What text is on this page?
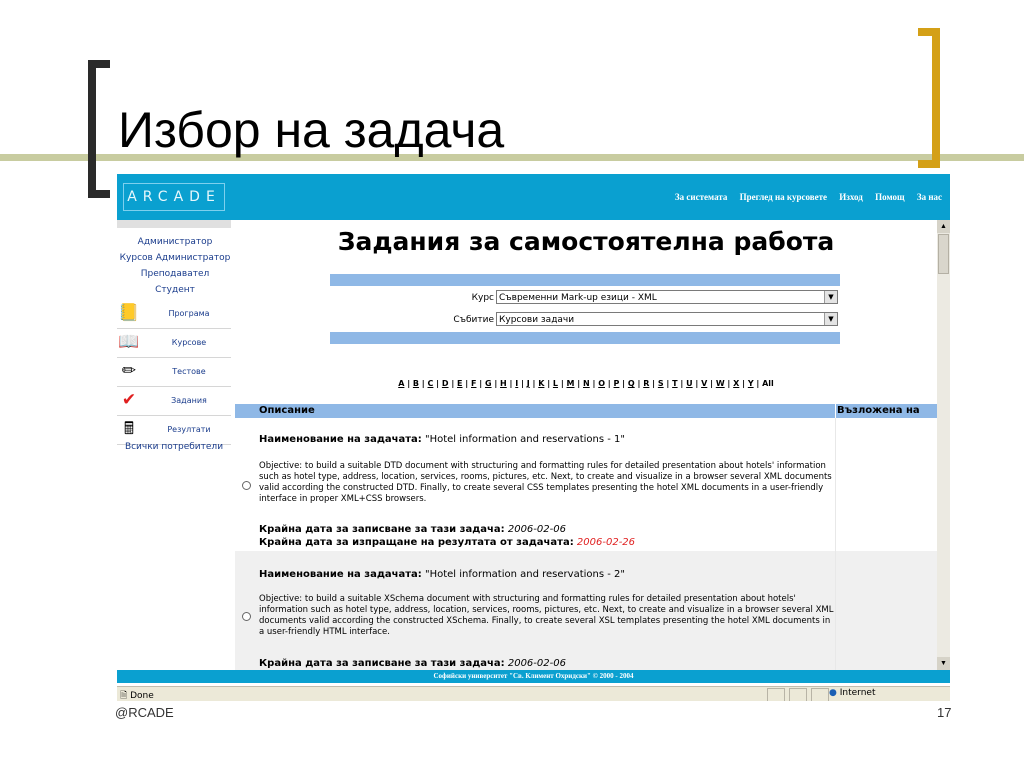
Избор на задача
ARCADE	За системата Преглед на курсовете Изход Помощ За нас
Администратор
Курсов Администратор
Преподавател
Студент
📒	Програма
📖	Курсове
✏	Тестове
✔	Задания
🖩	Резултати
Всички потребители
Задания за самостоятелна работа
Курс Съвременни Mark-up езици - XML	▼
Събитие Курсови задачи	▼
A | B | C | D | E | F | G | H | I | J | K | L | M | N | O | P | Q | R | S | T | U | V | W | X | Y | All
Описание	Възложена на
Наименование на задачата: "Hotel information and reservations - 1"
Objective: to build a suitable DTD document with structuring and formatting rules for detailed presentation about hotels' information such as hotel type, address, location, services, rooms, pictures, etc. Next, to create and visualize in a browser several XML documents valid according the constructed DTD. Finally, to create several CSS templates presenting the hotel XML documents in a user-friendly interface in proper XML+CSS browsers.
Крайна дата за записване за тази задача: 2006-02-06
Крайна дата за изпращане на резултата от задачата: 2006-02-26
Наименование на задачата: "Hotel information and reservations - 2"
Objective: to build a suitable XSchema document with structuring and formatting rules for detailed presentation about hotels' information such as hotel type, address, location, services, rooms, pictures, etc. Next, to create and visualize in a browser several XML documents valid according the constructed XSchema. Finally, to create several XSL templates presenting the hotel XML documents in a user-friendly HTML interface.
Крайна дата за записване за тази задача: 2006-02-06
▲
▼
Софийски университет "Св. Климент Охридски" © 2000 - 2004
🗎 Done	● Internet
@RCADE	17
